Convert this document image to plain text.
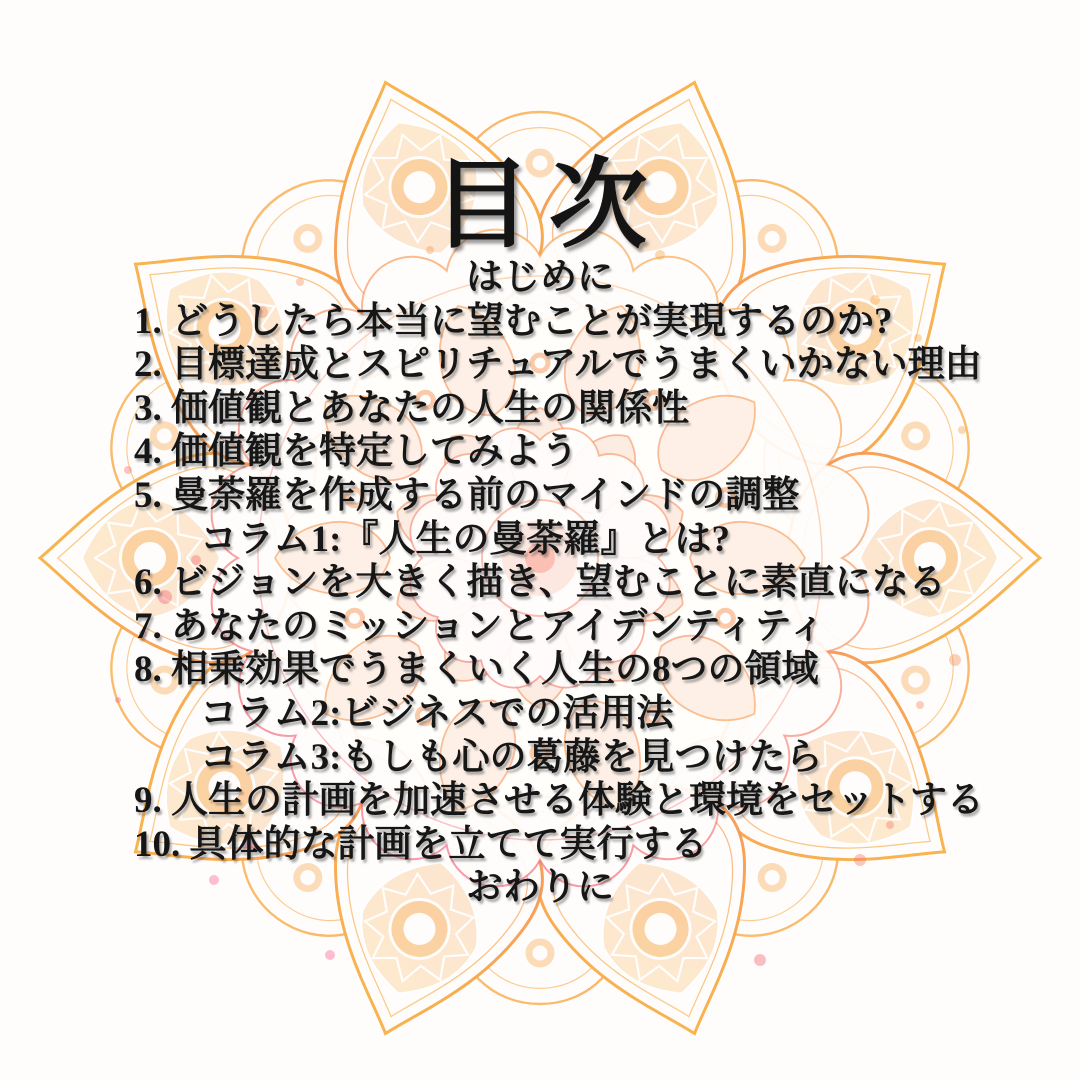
目次
はじめに
1. どうしたら本当に望むことが実現するのか?
2. 目標達成とスピリチュアルでうまくいかない理由
3. 価値観とあなたの人生の関係性
4. 価値観を特定してみよう
5. 曼荼羅を作成する前のマインドの調整
コラム1:『人生の曼荼羅』とは?
6. ビジョンを大きく描き、望むことに素直になる
7. あなたのミッションとアイデンティティ
8. 相乗効果でうまくいく人生の8つの領域
コラム2:ビジネスでの活用法
コラム3:もしも心の葛藤を見つけたら
9. 人生の計画を加速させる体験と環境をセットする
10. 具体的な計画を立てて実行する
おわりに
